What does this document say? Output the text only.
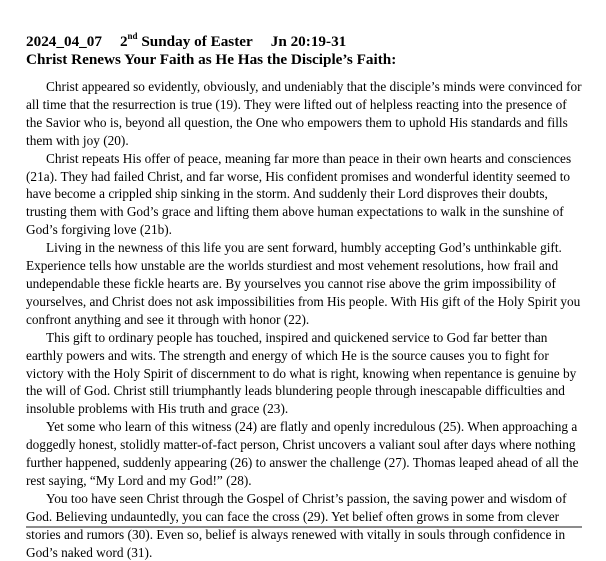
2024_04_07 2nd Sunday of Easter Jn 20:19-31
Christ Renews Your Faith as He Has the Disciple’s Faith:

Christ appeared so evidently, obviously, and undeniably that the disciple’s minds were convinced for all time that the resurrection is true (19). They were lifted out of helpless reacting into the presence of the Savior who is, beyond all question, the One who empowers them to uphold His standards and fills them with joy (20).

Christ repeats His offer of peace, meaning far more than peace in their own hearts and consciences (21a). They had failed Christ, and far worse, His confident promises and wonderful identity seemed to have become a crippled ship sinking in the storm. And suddenly their Lord disproves their doubts, trusting them with God’s grace and lifting them above human expectations to walk in the sunshine of God’s forgiving love (21b).

Living in the newness of this life you are sent forward, humbly accepting God’s unthinkable gift. Experience tells how unstable are the worlds sturdiest and most vehement resolutions, how frail and undependable these fickle hearts are. By yourselves you cannot rise above the grim impossibility of yourselves, and Christ does not ask impossibilities from His people. With His gift of the Holy Spirit you confront anything and see it through with honor (22).

This gift to ordinary people has touched, inspired and quickened service to God far better than earthly powers and wits. The strength and energy of which He is the source causes you to fight for victory with the Holy Spirit of discernment to do what is right, knowing when repentance is genuine by the will of God. Christ still triumphantly leads blundering people through inescapable difficulties and insoluble problems with His truth and grace (23).

Yet some who learn of this witness (24) are flatly and openly incredulous (25). When approaching a doggedly honest, stolidly matter-of-fact person, Christ uncovers a valiant soul after days where nothing further happened, suddenly appearing (26) to answer the challenge (27). Thomas leaped ahead of all the rest saying, “My Lord and my God!” (28).

You too have seen Christ through the Gospel of Christ’s passion, the saving power and wisdom of God. Believing undauntedly, you can face the cross (29). Yet belief often grows in some from clever stories and rumors (30). Even so, belief is always renewed with vitally in souls through confidence in God’s naked word (31).
